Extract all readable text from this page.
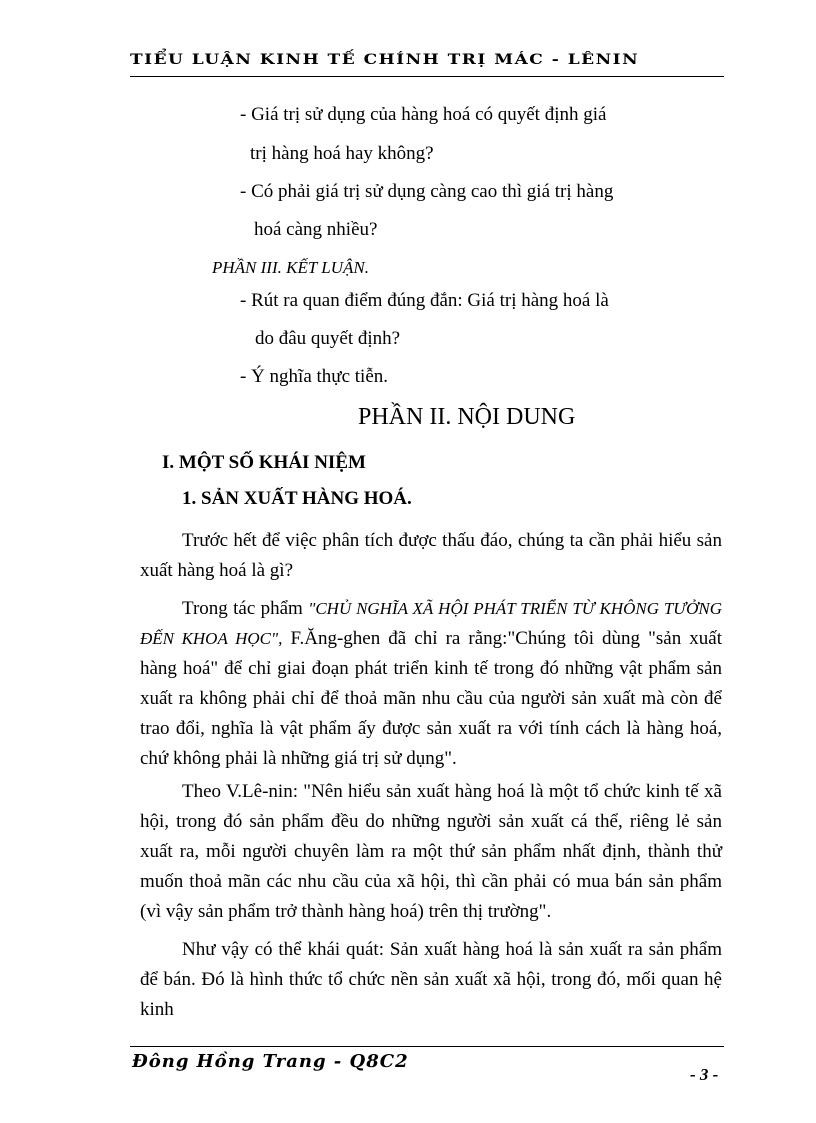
TIỂU LUẬN KINH TẾ CHÍNH TRỊ MÁC - LÊNIN
- Giá trị sử dụng của hàng hoá có quyết định giá
trị hàng hoá hay không?
- Có phải giá trị sử dụng càng cao thì giá trị hàng
hoá càng nhiều?
PHẦN III. KẾT LUẬN.
- Rút ra quan điểm đúng đắn: Giá trị hàng hoá là
do đâu quyết định?
- Ý nghĩa thực tiễn.
PHẦN II. NỘI DUNG
I. MỘT SỐ KHÁI NIỆM
1. SẢN XUẤT HÀNG HOÁ.
Trước hết để việc phân tích được thấu đáo, chúng ta cần phải hiểu sản xuất hàng hoá là gì?
Trong tác phẩm "CHỦ NGHĨA XÃ HỘI PHÁT TRIỂN TỪ KHÔNG TƯỞNG ĐẾN KHOA HỌC", F.Ăng-ghen đã chỉ ra rằng:"Chúng tôi dùng "sản xuất hàng hoá" để chỉ giai đoạn phát triển kinh tế trong đó những vật phẩm sản xuất ra không phải chỉ để thoả mãn nhu cầu của người sản xuất mà còn để trao đổi, nghĩa là vật phẩm ấy được sản xuất ra với tính cách là hàng hoá, chứ không phải là những giá trị sử dụng".
Theo V.Lê-nin: "Nên hiểu sản xuất hàng hoá là một tổ chức kinh tế xã hội, trong đó sản phẩm đều do những người sản xuất cá thể, riêng lẻ sản xuất ra, mỗi người chuyên làm ra một thứ sản phẩm nhất định, thành thử muốn thoả mãn các nhu cầu của xã hội, thì cần phải có mua bán sản phẩm (vì vậy sản phẩm trở thành hàng hoá) trên thị trường".
Như vậy có thể khái quát: Sản xuất hàng hoá là sản xuất ra sản phẩm để bán. Đó là hình thức tổ chức nền sản xuất xã hội, trong đó, mối quan hệ kinh
Đông Hồng Trang - Q8C2
- 3 -
